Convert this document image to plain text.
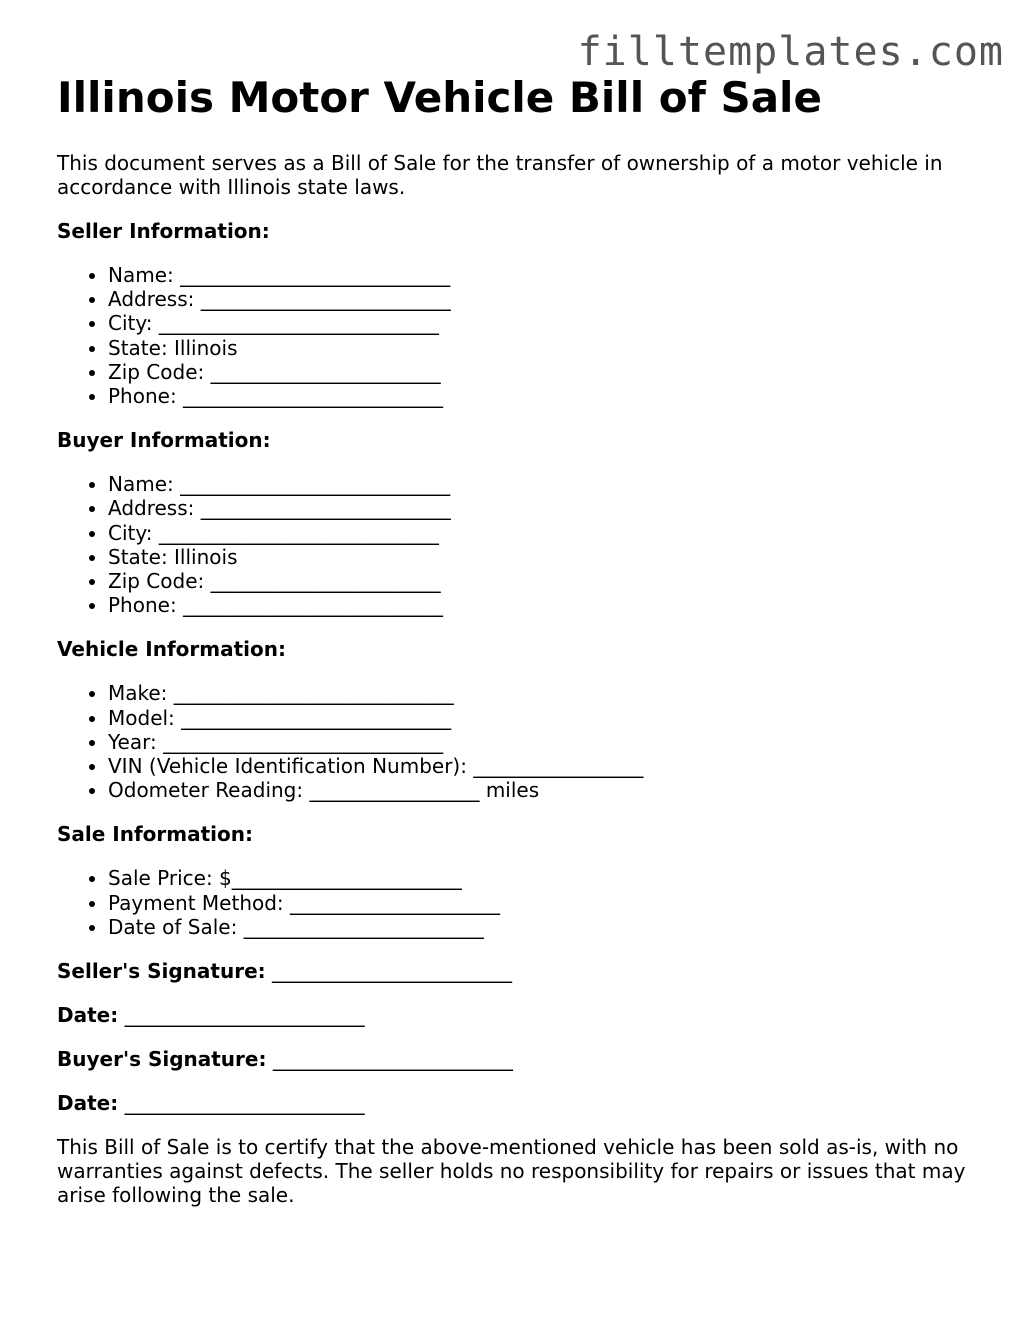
filltemplates.com
Illinois Motor Vehicle Bill of Sale

This document serves as a Bill of Sale for the transfer of ownership of a motor vehicle in accordance with Illinois state laws.

Seller Information:

• Name: ___________________________
• Address: _________________________
• City: ____________________________
• State: Illinois
• Zip Code: _______________________
• Phone: __________________________

Buyer Information:

• Name: ___________________________
• Address: _________________________
• City: ____________________________
• State: Illinois
• Zip Code: _______________________
• Phone: __________________________

Vehicle Information:

• Make: ____________________________
• Model: ___________________________
• Year: ____________________________
• VIN (Vehicle Identification Number): _________________
• Odometer Reading: _________________ miles

Sale Information:

• Sale Price: $_______________________
• Payment Method: _____________________
• Date of Sale: ________________________

Seller's Signature: ________________________

Date: ________________________

Buyer's Signature: ________________________

Date: ________________________

This Bill of Sale is to certify that the above-mentioned vehicle has been sold as-is, with no warranties against defects. The seller holds no responsibility for repairs or issues that may arise following the sale.
